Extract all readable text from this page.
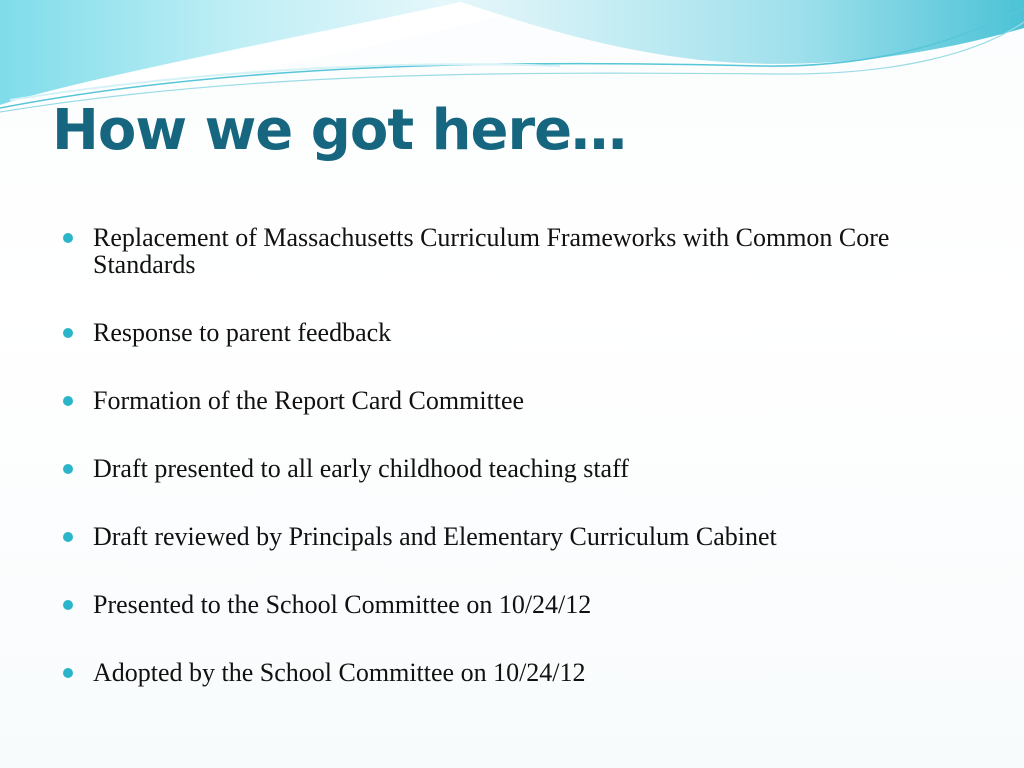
How we got here…
Replacement of Massachusetts Curriculum Frameworks with Common Core Standards
Response to parent feedback
Formation of the Report Card Committee
Draft presented to all early childhood teaching staff
Draft reviewed by Principals and Elementary Curriculum Cabinet
Presented to the School Committee on 10/24/12
Adopted by the School Committee on 10/24/12
